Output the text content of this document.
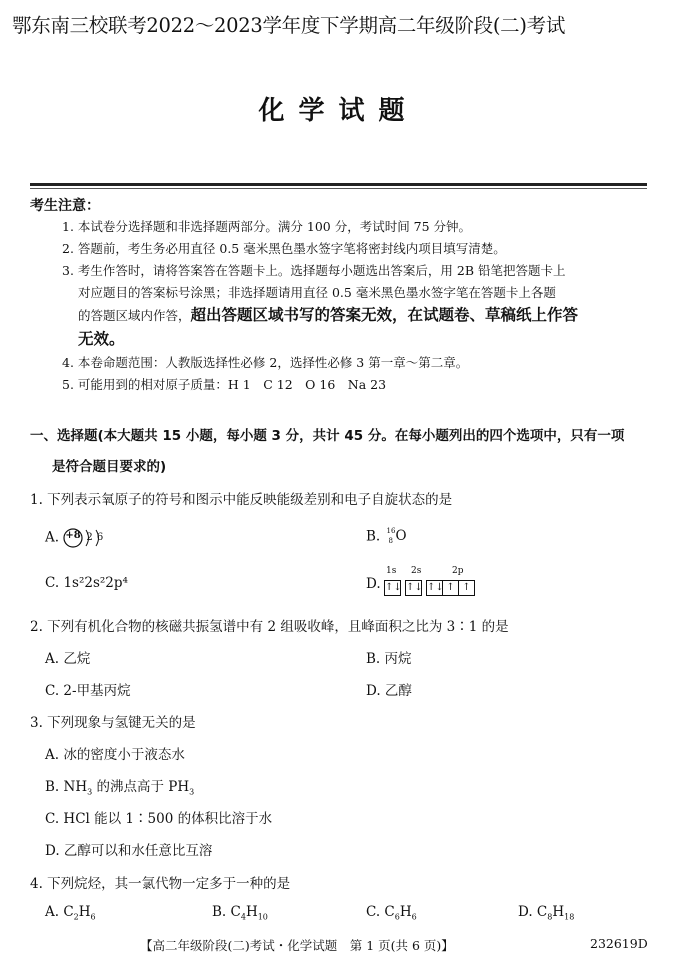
鄂东南三校联考2022～2023学年度下学期高二年级阶段(二)考试
化学试题
考生注意：
1. 本试卷分选择题和非选择题两部分。满分 100 分，考试时间 75 分钟。
2. 答题前，考生务必用直径 0.5 毫米黑色墨水签字笔将密封线内项目填写清楚。
3. 考生作答时，请将答案答在答题卡上。选择题每小题选出答案后，用 2B 铅笔把答题卡上
对应题目的答案标号涂黑；非选择题请用直径 0.5 毫米黑色墨水签字笔在答题卡上各题
的答题区域内作答，超出答题区域书写的答案无效，在试题卷、草稿纸上作答
无效。
4. 本卷命题范围：人教版选择性必修 2，选择性必修 3 第一章～第二章。
5. 可能用到的相对原子质量：H 1　C 12　O 16　Na 23
一、选择题(本大题共 15 小题，每小题 3 分，共计 45 分。在每小题列出的四个选项中，只有一项
是符合题目要求的)
1. 下列表示氧原子的符号和图示中能反映能级差别和电子自旋状态的是
A. +8 2 6	B. 16
8 O
C. 1s²2s²2p⁴	D.
1s 2s	2p
↑↓ ↑↓ ↑↓ ↑ ↑
2. 下列有机化合物的核磁共振氢谱中有 2 组吸收峰，且峰面积之比为 3∶1 的是
A. 乙烷	B. 丙烷
C. 2-甲基丙烷	D. 乙醇
3. 下列现象与氢键无关的是
A. 冰的密度小于液态水
B. $NH_3$ 的沸点高于 $PH_3$
C. HCl 能以 1∶500 的体积比溶于水
D. 乙醇可以和水任意比互溶
4. 下列烷烃，其一氯代物一定多于一种的是
A. $C_2H_6$	B. $C_4H_{10}$	C. $C_6H_6$	D. $C_8H_{18}$
【高二年级阶段(二)考试・化学试题　第 1 页(共 6 页)】	232619D
